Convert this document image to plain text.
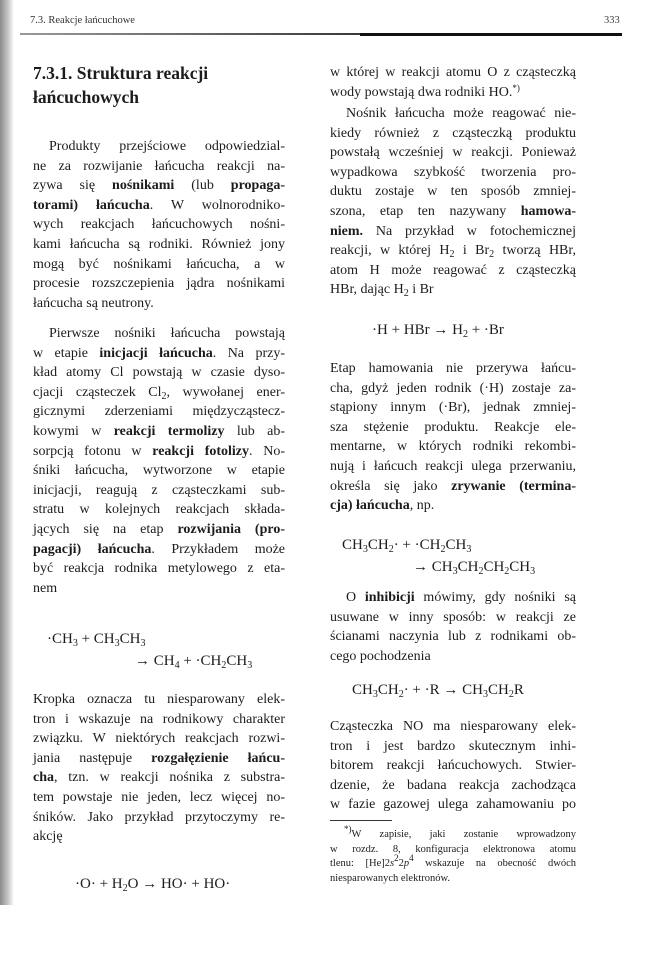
7.3. Reakcje łańcuchowe	333
7.3.1. Struktura reakcji
łańcuchowych
Produkty przejściowe odpowiedzial-
ne za rozwijanie łańcucha reakcji na-
zywa się nośnikami (lub propaga-
torami) łańcucha. W wolnorodniko-
wych reakcjach łańcuchowych nośni-
kami łańcucha są rodniki. Również jony
mogą być nośnikami łańcucha, a w
procesie rozszczepienia jądra nośnikami
łańcucha są neutrony.
Pierwsze nośniki łańcucha powstają
w etapie inicjacji łańcucha. Na przy-
kład atomy Cl powstają w czasie dyso-
cjacji cząsteczek $Cl_2$, wywołanej ener-
gicznymi zderzeniami międzycząstecz-
kowymi w reakcji termolizy lub ab-
sorpcją fotonu w reakcji fotolizy. No-
śniki łańcucha, wytworzone w etapie
inicjacji, reagują z cząsteczkami sub-
stratu w kolejnych reakcjach składa-
jących się na etap rozwijania (pro-
pagacji) łańcucha. Przykładem może
być reakcja rodnika metylowego z eta-
nem
$\cdot CH_3 + CH_3CH_3$
→ $CH_4 + \cdot CH_2CH_3$
Kropka oznacza tu niesparowany elek-
tron i wskazuje na rodnikowy charakter
związku. W niektórych reakcjach rozwi-
jania następuje rozgałęzienie łańcu-
cha, tzn. w reakcji nośnika z substra-
tem powstaje nie jeden, lecz więcej no-
śników. Jako przykład przytoczymy re-
akcję
$\cdot O\cdot + H_2O \to HO\cdot + HO\cdot$
w której w reakcji atomu O z cząsteczką
wody powstają dwa rodniki HO.*)
Nośnik łańcucha może reagować nie-
kiedy również z cząsteczką produktu
powstałą wcześniej w reakcji. Ponieważ
wypadkowa szybkość tworzenia pro-
duktu zostaje w ten sposób zmniej-
szona, etap ten nazywany hamowa-
niem. Na przykład w fotochemicznej
reakcji, w której $H_2$ i $Br_2$ tworzą HBr,
atom H może reagować z cząsteczką
HBr, dając $H_2$ i Br
·H + HBr → $H_2 + \cdot Br$
Etap hamowania nie przerywa łańcu-
cha, gdyż jeden rodnik (·H) zostaje za-
stąpiony innym (·Br), jednak zmniej-
sza stężenie produktu. Reakcje ele-
mentarne, w których rodniki rekombi-
nują i łańcuch reakcji ulega przerwaniu,
określa się jako zrywanie (termina-
cja) łańcucha, np.
$CH_3CH_2\cdot + \cdot CH_2CH_3$
→ $CH_3CH_2CH_2CH_3$
O inhibicji mówimy, gdy nośniki są
usuwane w inny sposób: w reakcji ze
ścianami naczynia lub z rodnikami ob-
cego pochodzenia
$CH_3CH_2\cdot + \cdot R \to CH_3CH_2R$
Cząsteczka NO ma niesparowany elek-
tron i jest bardzo skutecznym inhi-
bitorem reakcji łańcuchowych. Stwier-
dzenie, że badana reakcja zachodząca
w fazie gazowej ulega zahamowaniu po
*)W zapisie, jaki zostanie wprowadzony
w rozdz. 8, konfiguracja elektronowa atomu
tlenu: $[He]2s^22p^4$ wskazuje na obecność dwóch
niesparowanych elektronów.
